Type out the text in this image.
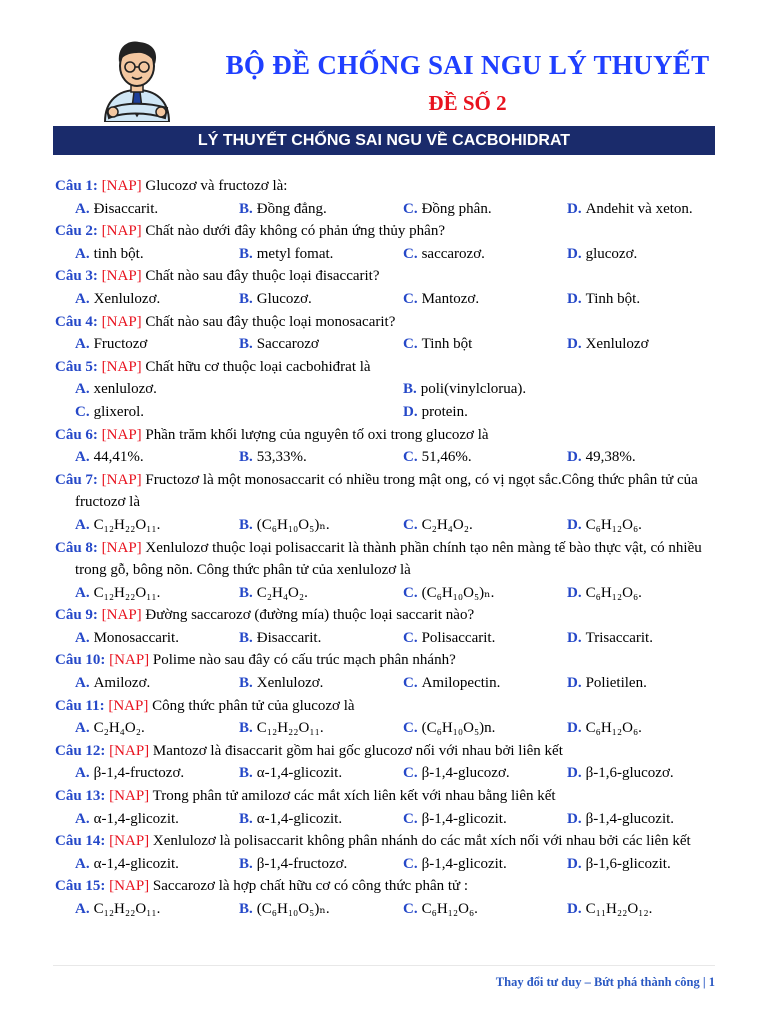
BỘ ĐỀ CHỐNG SAI NGU LÝ THUYẾT
ĐỀ SỐ 2
LÝ THUYẾT CHỐNG SAI NGU VỀ CACBOHIDRAT
Câu 1: [NAP] Glucozơ và fructozơ là:
A. Đisaccarit.	B. Đồng đẳng.	C. Đồng phân.	D. Andehit và xeton.
Câu 2: [NAP] Chất nào dưới đây không có phản ứng thủy phân?
A. tinh bột.	B. metyl fomat.	C. saccarozơ.	D. glucozơ.
Câu 3: [NAP] Chất nào sau đây thuộc loại đisaccarit?
A. Xenlulozơ.	B. Glucozơ.	C. Mantozơ.	D. Tinh bột.
Câu 4: [NAP] Chất nào sau đây thuộc loại monosacarit?
A. Fructozơ	B. Saccarozơ	C. Tinh bột	D. Xenlulozơ
Câu 5: [NAP] Chất hữu cơ thuộc loại cacbohiđrat là
A. xenlulozơ.	B. poli(vinylclorua).
C. glixerol.	D. protein.
Câu 6: [NAP] Phần trăm khối lượng của nguyên tố oxi trong glucozơ là
A. 44,41%.	B. 53,33%.	C. 51,46%.	D. 49,38%.
Câu 7: [NAP] Fructozơ là một monosaccarit có nhiều trong mật ong, có vị ngọt sắc.Công thức phân tử của fructozơ là
A. C₁₂H₂₂O₁₁.	B. (C₆H₁₀O₅)ₙ.	C. C₂H₄O₂.	D. C₆H₁₂O₆.
Câu 8: [NAP] Xenlulozơ thuộc loại polisaccarit là thành phần chính tạo nên màng tế bào thực vật, có nhiều trong gỗ, bông nõn. Công thức phân tử của xenlulozơ là
A. C₁₂H₂₂O₁₁.	B. C₂H₄O₂.	C. (C₆H₁₀O₅)ₙ.	D. C₆H₁₂O₆.
Câu 9: [NAP] Đường saccarozơ (đường mía) thuộc loại saccarit nào?
A. Monosaccarit.	B. Đisaccarit.	C. Polisaccarit.	D. Trisaccarit.
Câu 10: [NAP] Polime nào sau đây có cấu trúc mạch phân nhánh?
A. Amilozơ.	B. Xenlulozơ.	C. Amilopectin.	D. Polietilen.
Câu 11: [NAP] Công thức phân tử của glucozơ là
A. C₂H₄O₂.	B. C₁₂H₂₂O₁₁.	C. (C₆H₁₀O₅)n.	D. C₆H₁₂O₆.
Câu 12: [NAP] Mantozơ là đisaccarit gồm hai gốc glucozơ nối với nhau bởi liên kết
A. β-1,4-fructozơ.	B. α-1,4-glicozit.	C. β-1,4-glucozơ.	D. β-1,6-glucozơ.
Câu 13: [NAP] Trong phân tử amilozơ các mắt xích liên kết với nhau bằng liên kết
A. α-1,4-glicozit.	B. α-1,4-glicozit.	C. β-1,4-glicozit.	D. β-1,4-glucozit.
Câu 14: [NAP] Xenlulozơ là polisaccarit không phân nhánh do các mắt xích nối với nhau bởi các liên kết
A. α-1,4-glicozit.	B. β-1,4-fructozơ.	C. β-1,4-glicozit.	D. β-1,6-glicozit.
Câu 15: [NAP] Saccarozơ là hợp chất hữu cơ có công thức phân tử :
A. C₁₂H₂₂O₁₁.	B. (C₆H₁₀O₅)ₙ.	C. C₆H₁₂O₆.	D. C₁₁H₂₂O₁₂.
Thay đổi tư duy – Bứt phá thành công | 1
